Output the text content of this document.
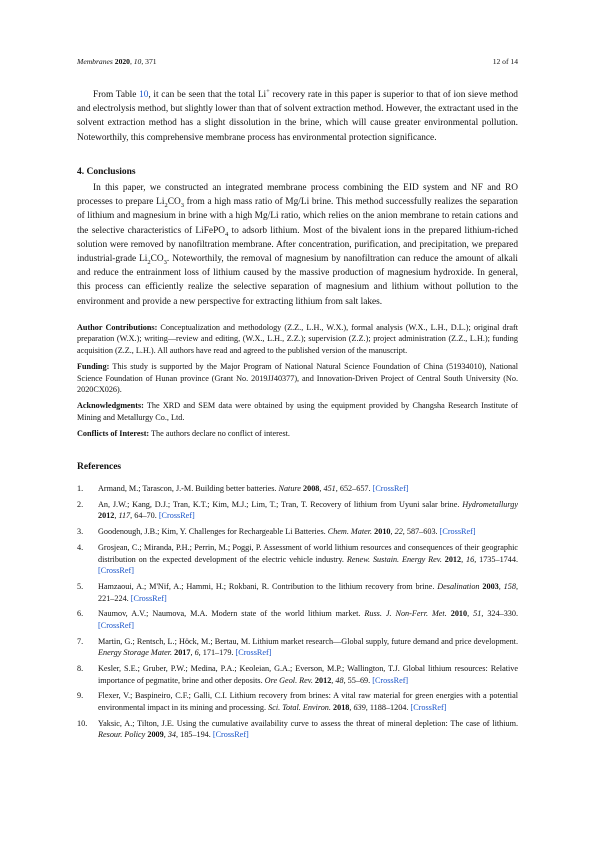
Membranes 2020, 10, 371	12 of 14

From Table 10, it can be seen that the total Li+ recovery rate in this paper is superior to that of ion sieve method and electrolysis method, but slightly lower than that of solvent extraction method. However, the extractant used in the solvent extraction method has a slight dissolution in the brine, which will cause greater environmental pollution. Noteworthily, this comprehensive membrane process has environmental protection significance.

4. Conclusions

In this paper, we constructed an integrated membrane process combining the EID system and NF and RO processes to prepare $Li_2CO_3$ from a high mass ratio of Mg/Li brine. This method successfully realizes the separation of lithium and magnesium in brine with a high Mg/Li ratio, which relies on the anion membrane to retain cations and the selective characteristics of LiFePO$_4$ to adsorb lithium. Most of the bivalent ions in the prepared lithium-riched solution were removed by nanofiltration membrane. After concentration, purification, and precipitation, we prepared industrial-grade $Li_2CO_3$. Noteworthily, the removal of magnesium by nanofiltration can reduce the amount of alkali and reduce the entrainment loss of lithium caused by the massive production of magnesium hydroxide. In general, this process can efficiently realize the selective separation of magnesium and lithium without pollution to the environment and provide a new perspective for extracting lithium from salt lakes.

Author Contributions: Conceptualization and methodology (Z.Z., L.H., W.X.), formal analysis (W.X., L.H., D.L.); original draft preparation (W.X.); writing—review and editing, (W.X., L.H., Z.Z.); supervision (Z.Z.); project administration (Z.Z., L.H.); funding acquisition (Z.Z., L.H.). All authors have read and agreed to the published version of the manuscript.

Funding: This study is supported by the Major Program of National Natural Science Foundation of China (51934010), National Science Foundation of Hunan province (Grant No. 2019JJ40377), and Innovation-Driven Project of Central South University (No. 2020CX026).

Acknowledgments: The XRD and SEM data were obtained by using the equipment provided by Changsha Research Institute of Mining and Metallurgy Co., Ltd.

Conflicts of Interest: The authors declare no conflict of interest.

References

1. Armand, M.; Tarascon, J.-M. Building better batteries. Nature 2008, 451, 652–657. [CrossRef]

2. An, J.W.; Kang, D.J.; Tran, K.T.; Kim, M.J.; Lim, T.; Tran, T. Recovery of lithium from Uyuni salar brine. Hydrometallurgy 2012, 117, 64–70. [CrossRef]

3. Goodenough, J.B.; Kim, Y. Challenges for Rechargeable Li Batteries. Chem. Mater. 2010, 22, 587–603. [CrossRef]

4. Grosjean, C.; Miranda, P.H.; Perrin, M.; Poggi, P. Assessment of world lithium resources and consequences of their geographic distribution on the expected development of the electric vehicle industry. Renew. Sustain. Energy Rev. 2012, 16, 1735–1744. [CrossRef]

5. Hamzaoui, A.; M'Nif, A.; Hammi, H.; Rokbani, R. Contribution to the lithium recovery from brine. Desalination 2003, 158, 221–224. [CrossRef]

6. Naumov, A.V.; Naumova, M.A. Modern state of the world lithium market. Russ. J. Non-Ferr. Met. 2010, 51, 324–330. [CrossRef]

7. Martin, G.; Rentsch, L.; Höck, M.; Bertau, M. Lithium market research—Global supply, future demand and price development. Energy Storage Mater. 2017, 6, 171–179. [CrossRef]

8. Kesler, S.E.; Gruber, P.W.; Medina, P.A.; Keoleian, G.A.; Everson, M.P.; Wallington, T.J. Global lithium resources: Relative importance of pegmatite, brine and other deposits. Ore Geol. Rev. 2012, 48, 55–69. [CrossRef]

9. Flexer, V.; Baspineiro, C.F.; Galli, C.I. Lithium recovery from brines: A vital raw material for green energies with a potential environmental impact in its mining and processing. Sci. Total. Environ. 2018, 639, 1188–1204. [CrossRef]

10. Yaksic, A.; Tilton, J.E. Using the cumulative availability curve to assess the threat of mineral depletion: The case of lithium. Resour. Policy 2009, 34, 185–194. [CrossRef]
